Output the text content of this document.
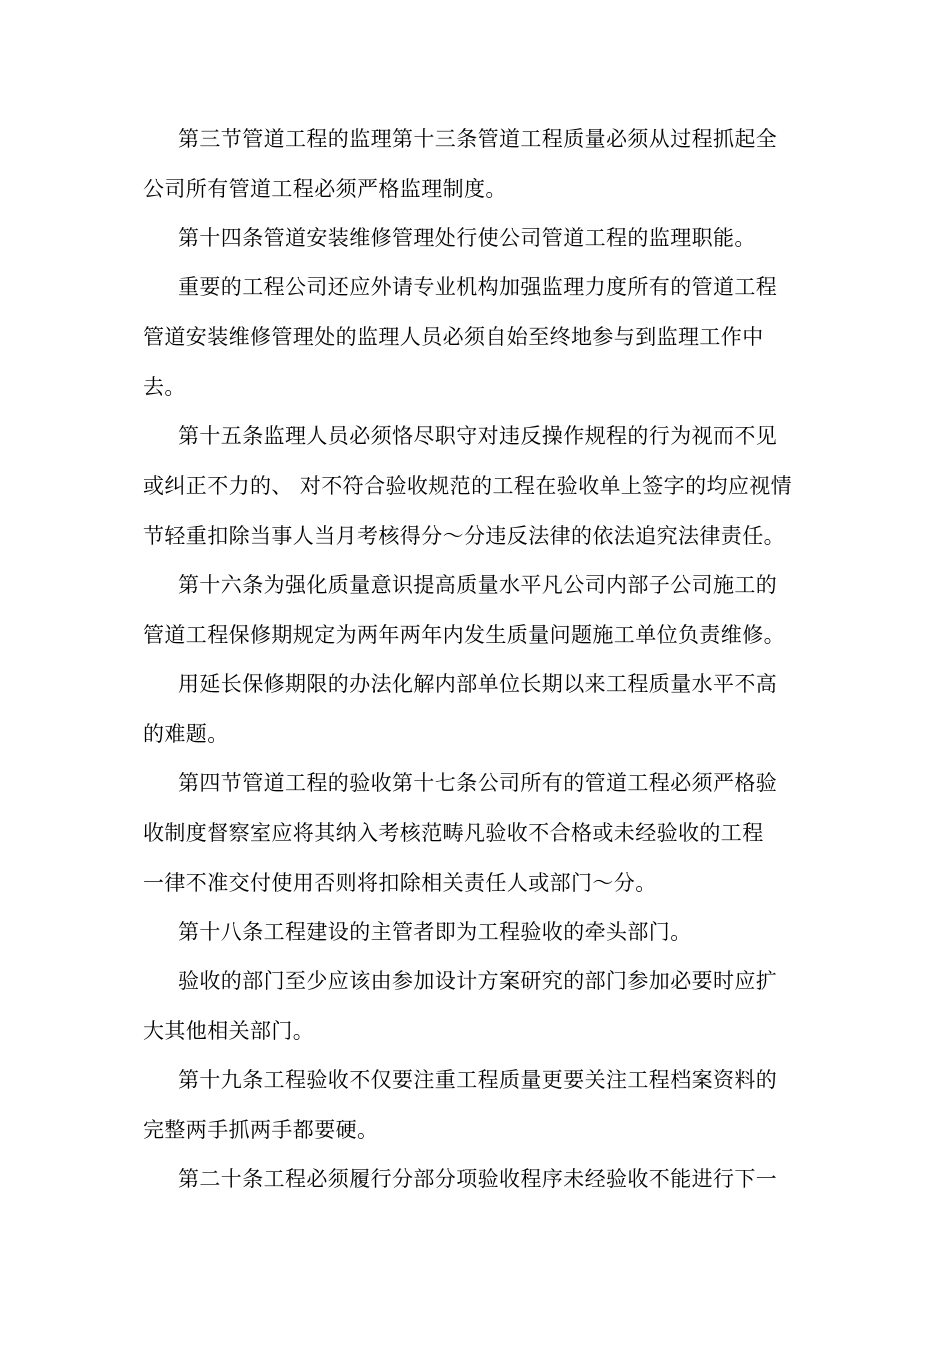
第三节管道工程的监理第十三条管道工程质量必须从过程抓起全
公司所有管道工程必须严格监理制度。
第十四条管道安装维修管理处行使公司管道工程的监理职能。
重要的工程公司还应外请专业机构加强监理力度所有的管道工程
管道安装维修管理处的监理人员必须自始至终地参与到监理工作中
去。
第十五条监理人员必须恪尽职守对违反操作规程的行为视而不见
或纠正不力的、 对不符合验收规范的工程在验收单上签字的均应视情
节轻重扣除当事人当月考核得分～分违反法律的依法追究法律责任。
第十六条为强化质量意识提高质量水平凡公司内部子公司施工的
管道工程保修期规定为两年两年内发生质量问题施工单位负责维修。
用延长保修期限的办法化解内部单位长期以来工程质量水平不高
的难题。
第四节管道工程的验收第十七条公司所有的管道工程必须严格验
收制度督察室应将其纳入考核范畴凡验收不合格或未经验收的工程
一律不准交付使用否则将扣除相关责任人或部门～分。
第十八条工程建设的主管者即为工程验收的牵头部门。
验收的部门至少应该由参加设计方案研究的部门参加必要时应扩
大其他相关部门。
第十九条工程验收不仅要注重工程质量更要关注工程档案资料的
完整两手抓两手都要硬。
第二十条工程必须履行分部分项验收程序未经验收不能进行下一
